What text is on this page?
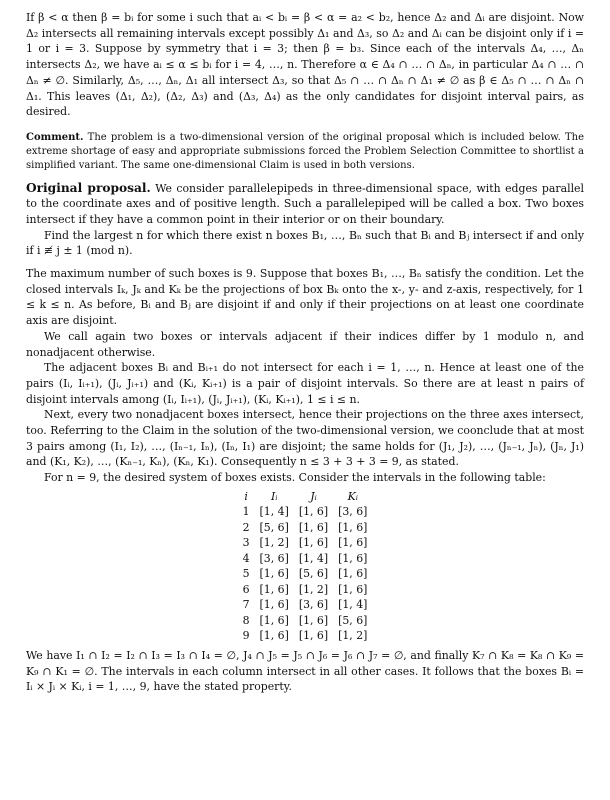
If β < α then β = bᵢ for some i such that aᵢ < bᵢ = β < α = a₂ < b₂, hence Δ₂ and Δᵢ are disjoint. Now Δ₂ intersects all remaining intervals except possibly Δ₁ and Δ₃, so Δ₂ and Δᵢ can be disjoint only if i = 1 or i = 3. Suppose by symmetry that i = 3; then β = b₃. Since each of the intervals Δ₄, …, Δₙ intersects Δ₂, we have aᵢ ≤ α ≤ bᵢ for i = 4, …, n. Therefore α ∈ Δ₄ ∩ … ∩ Δₙ, in particular Δ₄ ∩ … ∩ Δₙ ≠ ∅. Similarly, Δ₅, …, Δₙ, Δ₁ all intersect Δ₃, so that Δ₅ ∩ … ∩ Δₙ ∩ Δ₁ ≠ ∅ as β ∈ Δ₅ ∩ … ∩ Δₙ ∩ Δ₁. This leaves (Δ₁, Δ₂), (Δ₂, Δ₃) and (Δ₃, Δ₄) as the only candidates for disjoint interval pairs, as desired.

Comment. The problem is a two-dimensional version of the original proposal which is included below. The extreme shortage of easy and appropriate submissions forced the Problem Selection Committee to shortlist a simplified variant. The same one-dimensional Claim is used in both versions.

Original proposal. We consider parallelepipeds in three-dimensional space, with edges parallel to the coordinate axes and of positive length. Such a parallelepiped will be called a box. Two boxes intersect if they have a common point in their interior or on their boundary.

Find the largest n for which there exist n boxes B₁, …, Bₙ such that Bᵢ and Bⱼ intersect if and only if i ≢ j ± 1 (mod n).

The maximum number of such boxes is 9. Suppose that boxes B₁, …, Bₙ satisfy the condition. Let the closed intervals Iₖ, Jₖ and Kₖ be the projections of box Bₖ onto the x-, y- and z-axis, respectively, for 1 ≤ k ≤ n. As before, Bᵢ and Bⱼ are disjoint if and only if their projections on at least one coordinate axis are disjoint.

We call again two boxes or intervals adjacent if their indices differ by 1 modulo n, and nonadjacent otherwise.

The adjacent boxes Bᵢ and Bᵢ₊₁ do not intersect for each i = 1, …, n. Hence at least one of the pairs (Iᵢ, Iᵢ₊₁), (Jᵢ, Jᵢ₊₁) and (Kᵢ, Kᵢ₊₁) is a pair of disjoint intervals. So there are at least n pairs of disjoint intervals among (Iᵢ, Iᵢ₊₁), (Jᵢ, Jᵢ₊₁), (Kᵢ, Kᵢ₊₁), 1 ≤ i ≤ n.

Next, every two nonadjacent boxes intersect, hence their projections on the three axes intersect, too. Referring to the Claim in the solution of the two-dimensional version, we coonclude that at most 3 pairs among (I₁, I₂), …, (Iₙ₋₁, Iₙ), (Iₙ, I₁) are disjoint; the same holds for (J₁, J₂), …, (Jₙ₋₁, Jₙ), (Jₙ, J₁) and (K₁, K₂), …, (Kₙ₋₁, Kₙ), (Kₙ, K₁). Consequently n ≤ 3 + 3 + 3 = 9, as stated.

For n = 9, the desired system of boxes exists. Consider the intervals in the following table:

i	Iᵢ	Jᵢ	Kᵢ
1	[1, 4]	[1, 6]	[3, 6]
2	[5, 6]	[1, 6]	[1, 6]
3	[1, 2]	[1, 6]	[1, 6]
4	[3, 6]	[1, 4]	[1, 6]
5	[1, 6]	[5, 6]	[1, 6]
6	[1, 6]	[1, 2]	[1, 6]
7	[1, 6]	[3, 6]	[1, 4]
8	[1, 6]	[1, 6]	[5, 6]
9	[1, 6]	[1, 6]	[1, 2]

We have I₁ ∩ I₂ = I₂ ∩ I₃ = I₃ ∩ I₄ = ∅, J₄ ∩ J₅ = J₅ ∩ J₆ = J₆ ∩ J₇ = ∅, and finally K₇ ∩ K₈ = K₈ ∩ K₉ = K₉ ∩ K₁ = ∅. The intervals in each column intersect in all other cases. It follows that the boxes Bᵢ = Iᵢ × Jᵢ × Kᵢ, i = 1, …, 9, have the stated property.
